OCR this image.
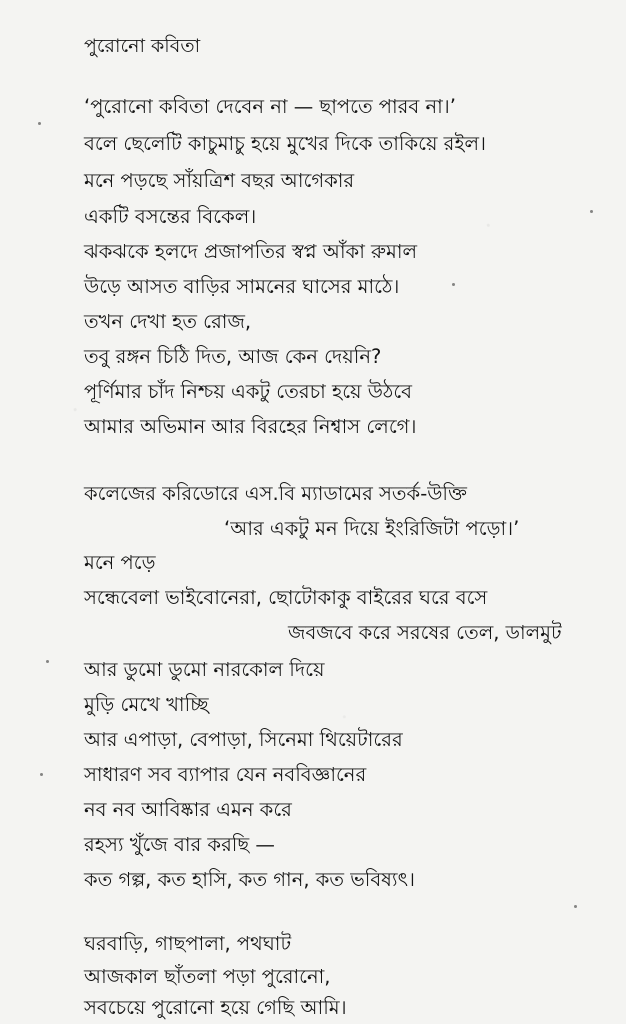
পুরোনো কবিতা
‘পুরোনো কবিতা দেবেন না — ছাপতে পারব না।’
বলে ছেলেটি কাচুমাচু হয়ে মুখের দিকে তাকিয়ে রইল।
মনে পড়ছে সাঁয়ত্রিশ বছর আগেকার
একটি বসন্তের বিকেল।
ঝকঝকে হলদে প্রজাপতির স্বপ্ন আঁকা রুমাল
উড়ে আসত বাড়ির সামনের ঘাসের মাঠে।
তখন দেখা হত রোজ,
তবু রঙ্গন চিঠি দিত, আজ কেন দেয়নি?
পূর্ণিমার চাঁদ নিশ্চয় একটু তেরচা হয়ে উঠবে
আমার অভিমান আর বিরহের নিশ্বাস লেগে।
কলেজের করিডোরে এস.বি ম্যাডামের সতর্ক-উক্তি
‘আর একটু মন দিয়ে ইংরিজিটা পড়ো।’
মনে পড়ে
সন্ধেবেলা ভাইবোনেরা, ছোটোকাকু বাইরের ঘরে বসে
জবজবে করে সরষের তেল, ডালমুট
আর ডুমো ডুমো নারকোল দিয়ে
মুড়ি মেখে খাচ্ছি
আর এপাড়া, বেপাড়া, সিনেমা থিয়েটারের
সাধারণ সব ব্যাপার যেন নববিজ্ঞানের
নব নব আবিষ্কার এমন করে
রহস্য খুঁজে বার করছি —
কত গল্প, কত হাসি, কত গান, কত ভবিষ্যৎ।
ঘরবাড়ি, গাছপালা, পথঘাট
আজকাল ছাঁতলা পড়া পুরোনো,
সবচেয়ে পুরোনো হয়ে গেছি আমি।
